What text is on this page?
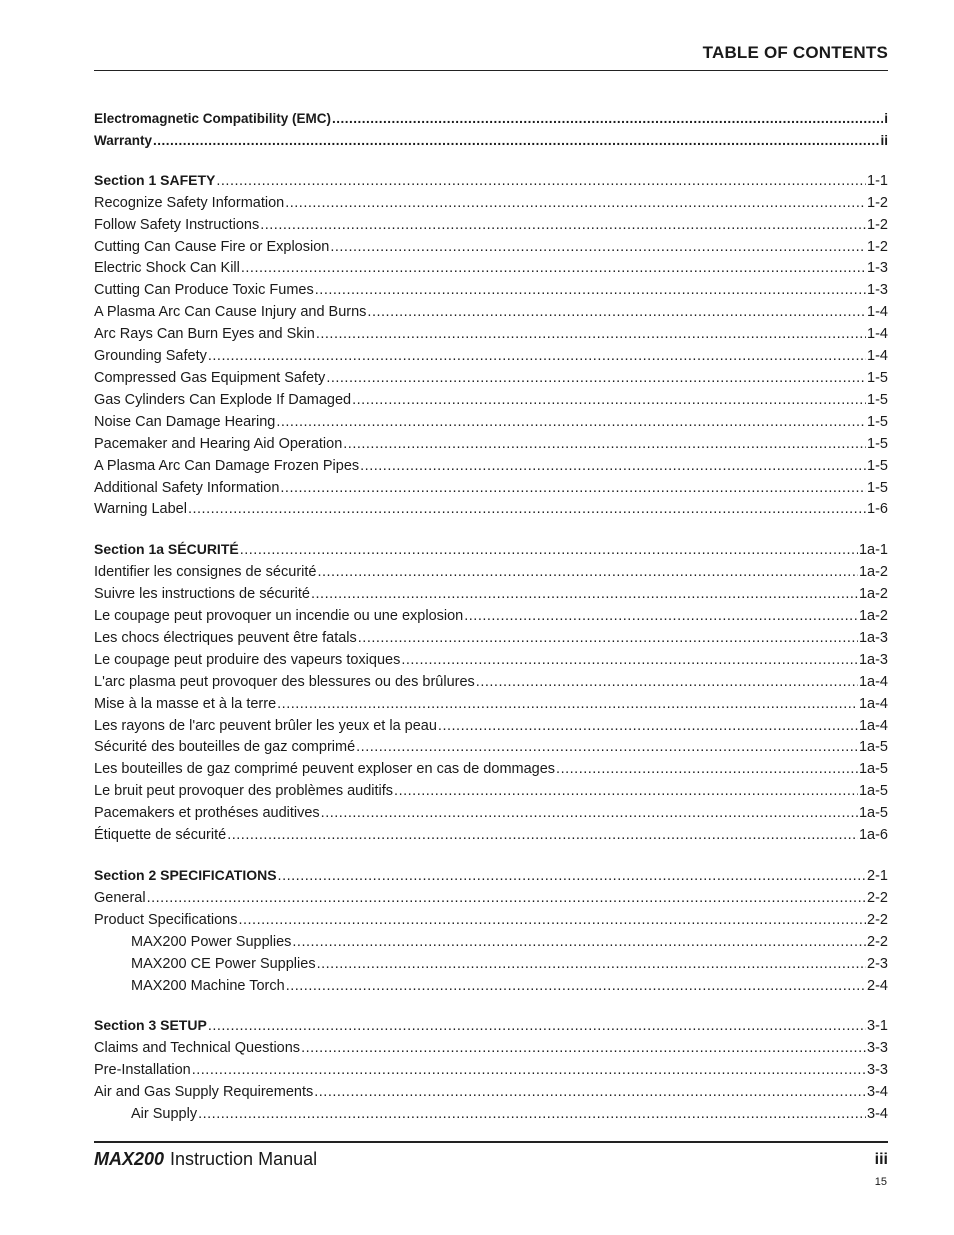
TABLE OF CONTENTS
Electromagnetic Compatibility (EMC) .....	i
Warranty .....	ii
Section 1 SAFETY .....	1-1
Recognize Safety Information .....	1-2
Follow Safety Instructions .....	1-2
Cutting Can Cause Fire or Explosion .....	1-2
Electric Shock Can Kill .....	1-3
Cutting Can Produce Toxic Fumes .....	1-3
A Plasma Arc Can Cause Injury and Burns .....	1-4
Arc Rays Can Burn Eyes and Skin .....	1-4
Grounding Safety .....	1-4
Compressed Gas Equipment Safety .....	1-5
Gas Cylinders Can Explode If Damaged .....	1-5
Noise Can Damage Hearing .....	1-5
Pacemaker and Hearing Aid Operation .....	1-5
A Plasma Arc Can Damage Frozen Pipes .....	1-5
Additional Safety Information .....	1-5
Warning Label .....	1-6
Section 1a SÉCURITÉ .....	1a-1
Identifier les consignes de sécurité .....	1a-2
Suivre les instructions de sécurité .....	1a-2
Le coupage peut provoquer un incendie ou une explosion .....	1a-2
Les chocs électriques peuvent être fatals .....	1a-3
Le coupage peut produire des vapeurs toxiques .....	1a-3
L'arc plasma peut provoquer des blessures ou des brûlures .....	1a-4
Mise à la masse et à la terre .....	1a-4
Les rayons de l'arc peuvent brûler les yeux et la peau .....	1a-4
Sécurité des bouteilles de gaz comprimé .....	1a-5
Les bouteilles de gaz comprimé peuvent exploser en cas de dommages .....	1a-5
Le bruit peut provoquer des problèmes auditifs .....	1a-5
Pacemakers et prothéses auditives .....	1a-5
Étiquette de sécurité .....	1a-6
Section 2 SPECIFICATIONS .....	2-1
General .....	2-2
Product Specifications .....	2-2
MAX200 Power Supplies .....	2-2
MAX200 CE Power Supplies .....	2-3
MAX200 Machine Torch .....	2-4
Section 3 SETUP .....	3-1
Claims and Technical Questions .....	3-3
Pre-Installation .....	3-3
Air and Gas Supply Requirements .....	3-4
Air Supply .....	3-4
MAX200 Instruction Manual	iii
15
